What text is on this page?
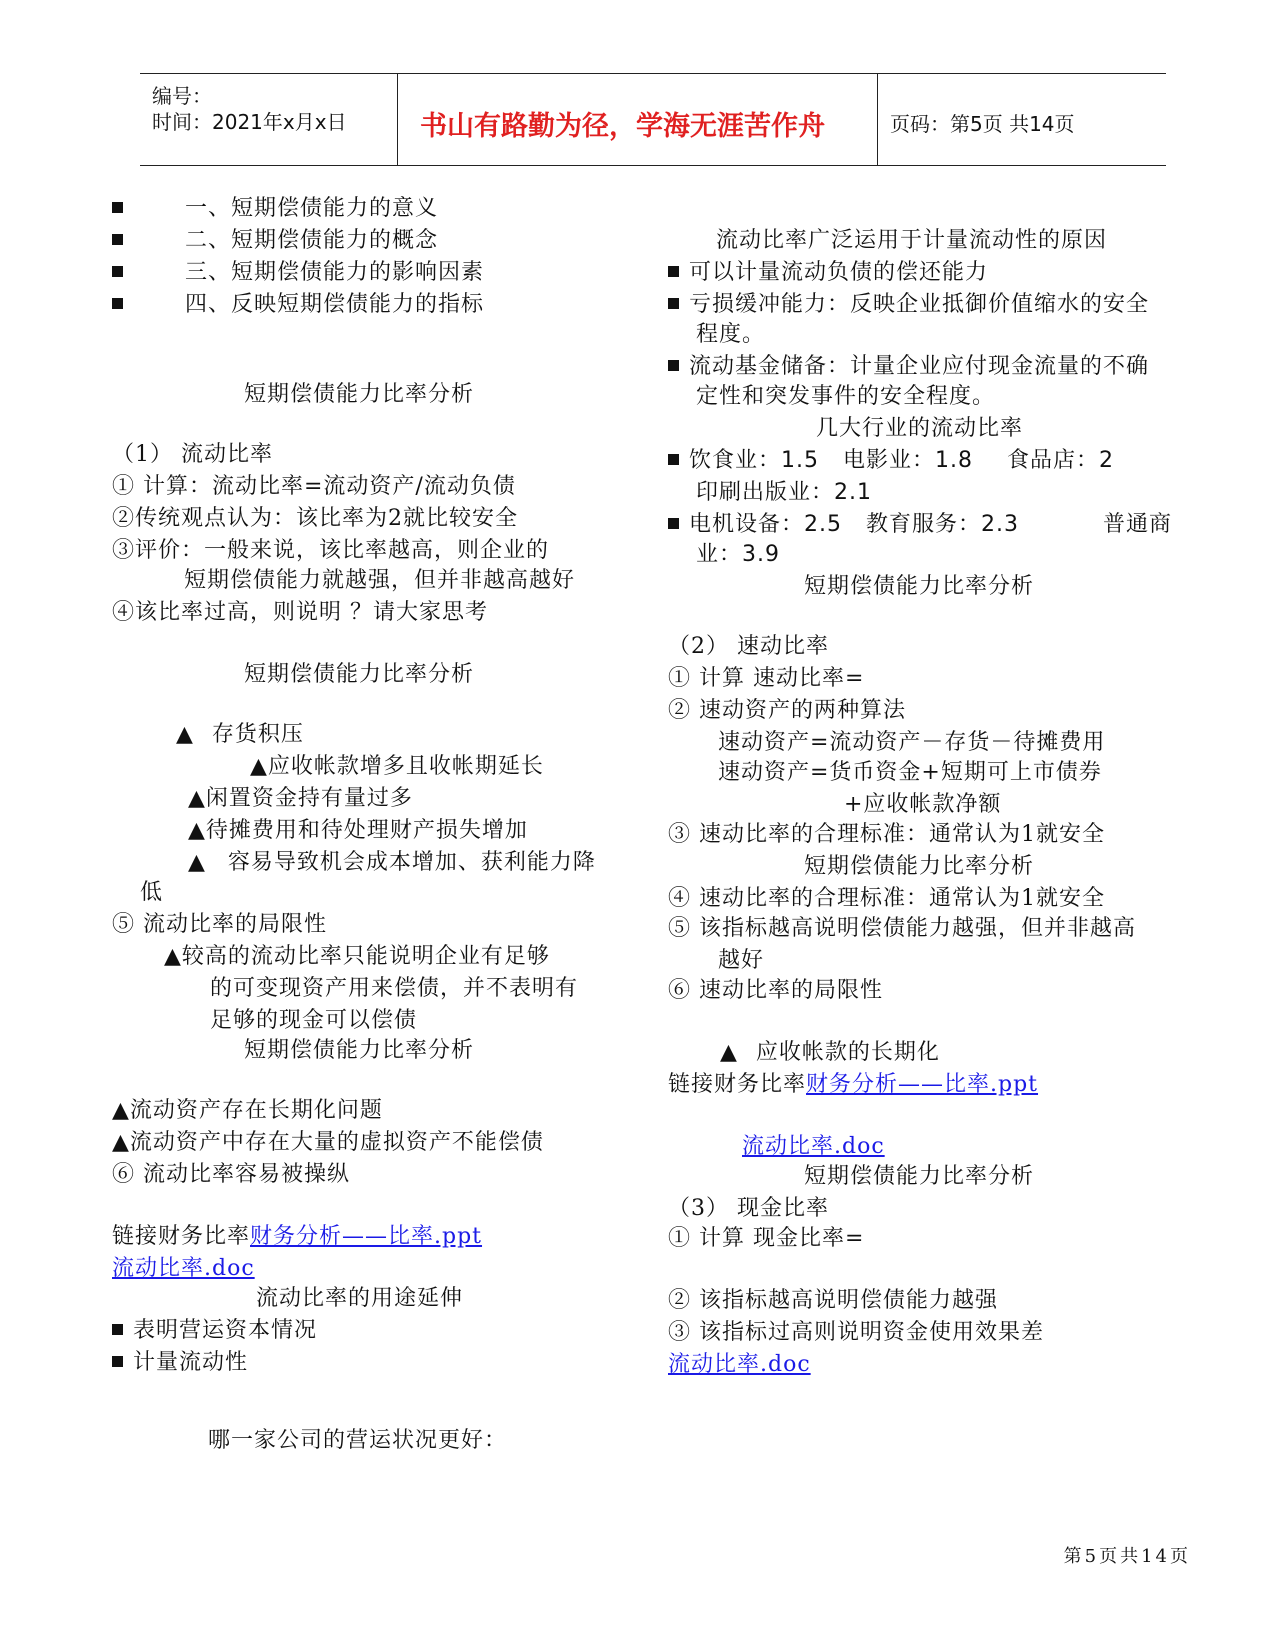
编号：
时间：2021年x月x日	书山有路勤为径，学海无涯苦作舟	页码：第5页 共14页
一、短期偿债能力的意义
二、短期偿债能力的概念
三、短期偿债能力的影响因素
四、反映短期偿债能力的指标
短期偿债能力比率分析
（1） 流动比率
① 计算：流动比率=流动资产/流动负债
②传统观点认为：该比率为2就比较安全
③评价：一般来说，该比率越高，则企业的
短期偿债能力就越强，但并非越高越好
④该比率过高，则说明 ？请大家思考
短期偿债能力比率分析
▲ 存货积压
▲应收帐款增多且收帐期延长
▲闲置资金持有量过多
▲待摊费用和待处理财产损失增加
▲ 容易导致机会成本增加、获利能力降
低
⑤ 流动比率的局限性
▲较高的流动比率只能说明企业有足够
的可变现资产用来偿债，并不表明有
足够的现金可以偿债
短期偿债能力比率分析
▲流动资产存在长期化问题
▲流动资产中存在大量的虚拟资产不能偿债
⑥ 流动比率容易被操纵
链接财务比率财务分析——比率.ppt
流动比率.doc
流动比率的用途延伸
表明营运资本情况
计量流动性
哪一家公司的营运状况更好：
流动比率广泛运用于计量流动性的原因
可以计量流动负债的偿还能力
亏损缓冲能力：反映企业抵御价值缩水的安全
程度。
流动基金储备：计量企业应付现金流量的不确
定性和突发事件的安全程度。
几大行业的流动比率
饮食业：1.5 电影业：1.8 食品店：2
印刷出版业：2.1
电机设备：2.5 教育服务：2.3	普通商
业：3.9
短期偿债能力比率分析
（2） 速动比率
① 计算 速动比率=
② 速动资产的两种算法
速动资产=流动资产－存货－待摊费用
速动资产=货币资金+短期可上市债券
+应收帐款净额
③ 速动比率的合理标准：通常认为1就安全
短期偿债能力比率分析
④ 速动比率的合理标准：通常认为1就安全
⑤ 该指标越高说明偿债能力越强，但并非越高
越好
⑥ 速动比率的局限性
▲ 应收帐款的长期化
链接财务比率财务分析——比率.ppt
流动比率.doc
短期偿债能力比率分析
（3） 现金比率
① 计算 现金比率=
② 该指标越高说明偿债能力越强
③ 该指标过高则说明资金使用效果差
流动比率.doc
第5页共14页
